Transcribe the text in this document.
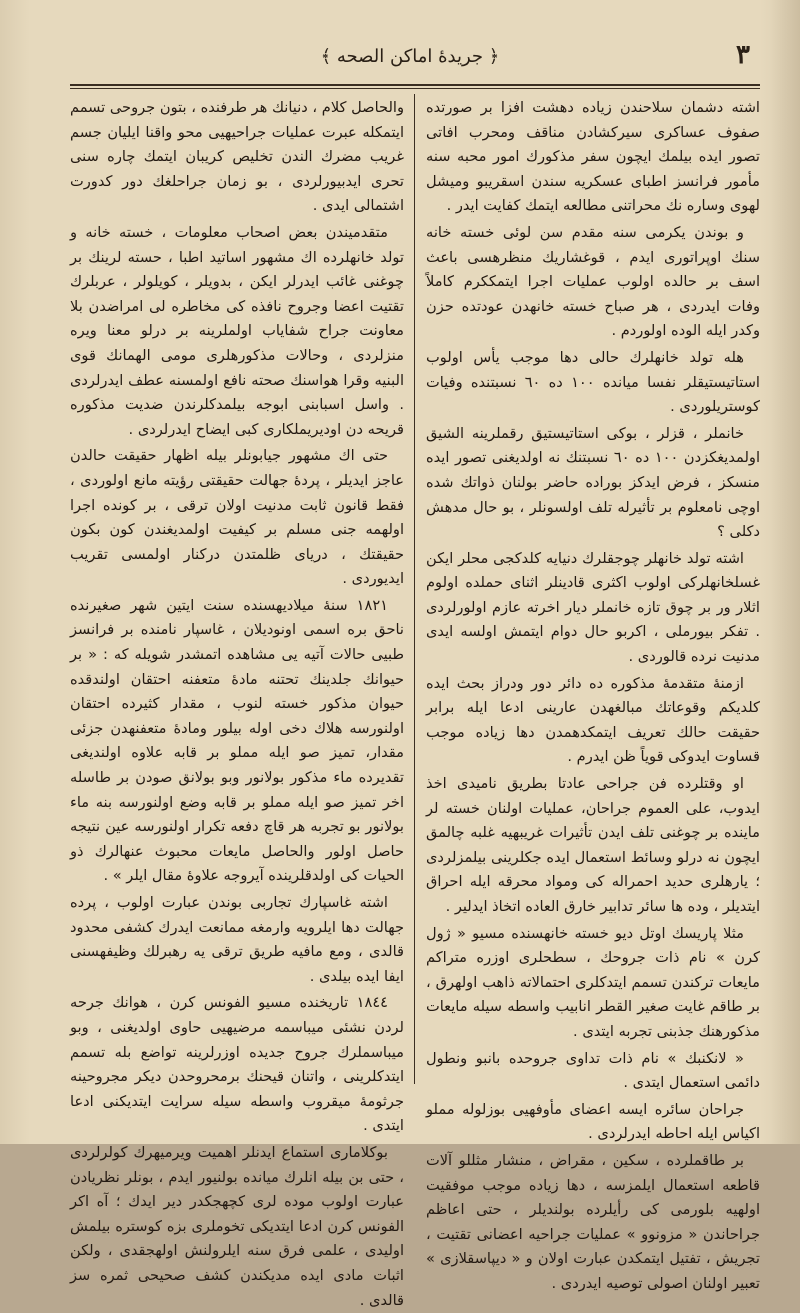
٣
﴿ جريدهٔ اماكن الصحه ﴾

اشته دشمان سلاحندن زياده دهشت افزا بر صورتده صفوف عساكری سيركشادن مناقف ومحرب افاتی تصور ايده بيلمك ايچون سفر مذكورك امور محبه سنه مأمور فرانسز اطباى عسكريه سندن اسقريبو وميشل لهوى وساره نك محراتنی مطالعه ايتمك كفايت ايدر .

و بوندن يكرمی سنه مقدم سن لوئی خسته خانه سنك اوپراتورى ايدم ، قوغشاريك منظرهسى باعث اسف بر حالده اولوب عمليات اجرا ايتمككرم كاملاً وفات ايدردى ، هر صباح خسته خانهدن عودتده حزن وكدر ايله الوده اولوردم .

هله تولد خانهلرك حالى دها موجب يأس اولوب استاتيستيقلر نفسا ميانده ١٠٠ ده ٦٠ نسبتنده وفيات كوستريلوردى .

خانملر ، قزلر ، بوكى استاتيستيق رقملرينه الشيق اولمديغكزدن ١٠٠ ده ٦٠ نسبتنك نه اولديغنى تصور ايده منسكز ، فرض ايدكز بوراده حاضر بولنان ذواتك شده اوچی نامعلوم بر تأثيرله تلف اولسونلر ، بو حال مدهش دكلى ؟

اشته تولد خانهلر چوجقلرك دنيايه كلدكجى محلر ايكن غسلخانهلركى اولوب اكثرى قادينلر اثناى حملده اولوم اثلار ور بر چوق تازه خانملر ديار اخرته عازم اولورلردى . تفكر بيورملى ، اكربو حال دوام ايتمش اولسه ايدى مدنيت نرده قالوردى .

ازمنهٔ متقدمهٔ مذكوره ده دائر دور ودراز بحث ايده كلديكم وقوعاتك مبالغهدن عارينى ادعا ايله برابر حقيقت حالك تعريف ايتمكدهمدن دها زياده موجب قساوت ايدوكى قوياً ظن ايدرم .

او وقتلرده فن جراحى عادتا بطريق ناميدى اخذ ايدوب، على العموم جراحان، عمليات اولنان خسته لر ماينده بر چوغنى تلف ايدن تأثيرات غريبهيه غلبه چالمق ايچون نه درلو وسائط استعمال ايده جكلرينى بيلمزلردى ؛ يارهلرى حديد احمراله كى ومواد محرقه ايله احراق ايتديلر ، وده ها سائر تدابير خارق العاده اتخاذ ايدلير .

مثلا پاريسك اوتل ديو خسته خانهسنده مسيو « ژول كرن » نام ذات جروحك ، سطحلرى اوزره متراكم مايعات تركندن تسمم ايتدكلرى احتمالاته ذاهب اولهرق ، بر طاقم غايت صغير القطر انابيب واسطه سيله مايعات مذكورهنك جذبنی تجربه ايتدى .

« لانكنبك » نام ذات تداوى جروحده بانبو ونطول دائمى استعمال ايتدى .

جراحان سائره ايسه اعضاى مأوفهيى بوزلوله مملو اكياس ايله احاطه ايدرلردى .

بر طاقملرده ، سكين ، مقراض ، منشار مثللو آلات قاطعه استعمال ايلمزسه ، دها زياده موجب موفقيت اولهيه بلورمى كى رأيلرده بولنديلر ، حتى اعاظم جراحاندن « مزونوو » عمليات جراحيه اعضانى تقتيت ، تجريش ، تفتيل ايتمكدن عبارت اولان و « ديپاسقلازى » تعبير اولنان اصولى توصيه ايدردى .

والحاصل كلام ، دنيانك هر طرفنده ، بتون جروحى تسمم ايتمكله عبرت عمليات جراحيهيى محو واقنا ايليان جسم غريب مضرك الندن تخليص كريبان ايتمك چاره سنى تحرى ايدبيورلردى ، بو زمان جراحلغك دور كدورت اشتمالى ايدى .

متقدميندن بعض اصحاب معلومات ، خسته خانه و تولد خانهلرده اك مشهور اساتيد اطبا ، حسته لرينك بر چوغنى غائب ايدرلر ايكن ، بدويلر ، كويلولر ، عربلرك تقتيت اعضا وجروح نافذه كى مخاطره لى امراضدن بلا معاونت جراح شفاياب اولملرينه بر درلو معنا ويره منزلردى ، وحالات مذكورهلرى مومى الهمانك قوى البنيه وقرا هواسنك صحته نافع اولمسنه عطف ايدرلردى . واسل اسبابنى ابوجه بيلمدكلرندن ضديت مذكوره قريحه دن اوديريملكارى كبى ايضاح ايدرلردى .

حتى اك مشهور جيابونلر بيله اظهار حقيقت حالدن عاجز ايديلر ، پردهٔ جهالت حقيقتى رؤيته مانع اولوردى ، فقط قانون ثابت مدنيت اولان ترقى ، بر كونده اجرا اولهمه جنى مسلم بر كيفيت اولمديغندن كون بكون حقيقتك ، درياى ظلمتدن دركنار اولمسى تقريب ايديوردى .

١٨٢١ سنهٔ ميلاديهسنده سنت ايتين شهر صغيرنده ناحق بره اسمى اونوديلان ، غاسپار نامنده بر فرانسز طبيى حالات آتيه يى مشاهده اتمشدر شويله كه : « بر حيوانك جلدينك تحتنه مادهٔ متعفنه احتقان اولندقده حيوان مذكور خسته لنوب ، مقدار كثيرده احتقان اولنورسه هلاك دخى اوله بيلور ومادهٔ متعفنهدن جزئى مقدار، تميز صو ايله مملو بر قابه علاوه اولنديغى تقديرده ماء مذكور بولانور وبو بولانق صودن بر طاسله اخر تميز صو ايله مملو بر قابه وضع اولنورسه بنه ماء بولانور بو تجربه هر قاچ دفعه تكرار اولنورسه عين نتيجه حاصل اولور والحاصل مايعات محبوث عنهالرك ذو الحيات كى اولدقلرينده آيروجه علاوهٔ مقال ايلر » .

اشته غاسپارك تجاربى بوندن عبارت اولوب ، پرده جهالت دها ايلرويه وارمغه ممانعت ايدرك كشفى محدود قالدى ، ومع مافيه طريق ترقى يه رهبرلك وظيفهسنى ايفا ايده بيلدى .

١٨٤٤ تاريخنده مسيو الفونس كرن ، هوانك جرحه لردن نشئى ميباسمه مرضيهيى حاوى اولديغنى ، وبو ميباسملرك جروح جديده اوزرلرينه تواضع بله تسمم ايتدكلرينى ، واتنان قيحنك برمحروحدن ديكر مجروحينه جرثومهٔ ميقروب واسطه سيله سرايت ايتديكنى ادعا ايتدى .

بوكلامارى استماع ايدنلر اهميت ويرميهرك كولرلردى ، حتى بن بيله انلرك ميانده بولنيور ايدم ، بونلر نظريادن عبارت اولوب موده لرى كچهجكدر دير ايدك ؛ آه اكر الفونس كرن ادعا ايتديكى تخوملرى بزه كوستره بيلمش اوليدى ، علمى فرق سنه ايلرولنش اولهجقدى ، ولكن اثبات مادى ايده مديكندن كشف صحيحى ثمره سز قالدى .
